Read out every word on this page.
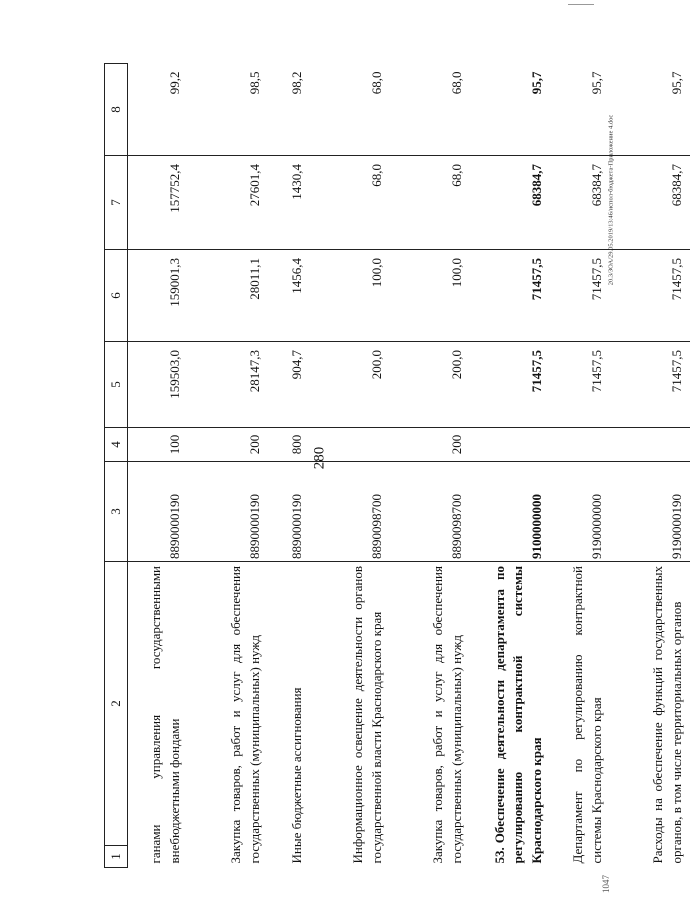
280
1	2	3	4	5	6	7	8
ганами управления государственными внебюджетными фондами		8890000190	100	159503,0	159001,3	157752,4	99,2
Закупка товаров, работ и услуг для обеспечения государственных (муниципальных) нужд		8890000190	200	28147,3	28011,1	27601,4	98,5
Иные бюджетные ассигнования		8890000190	800	904,7	1456,4	1430,4	98,2
Информационное освещение деятельности органов государственной власти Краснодарского края		8890098700		200,0	100,0	68,0	68,0
Закупка товаров, работ и услуг для обеспечения государственных (муниципальных) нужд		8890098700	200	200,0	100,0	68,0	68,0
53.Обеспечение деятельности департамента по регулированию контрактной системы Краснодарского края		9100000000		71457,5	71457,5	68384,7	95,7
Департамент по регулированию контрактной системы Краснодарского края		9190000000		71457,5	71457,5	68384,7	95,7
Расходы на обеспечение функций государственных органов, в том числе территориальных органов		9190000190		71457,5	71457,5	68384,7	95,7
20.3/ЗОА/29.05.2019/13:46/испол-бюджета-Приложение 4.doc
1047
